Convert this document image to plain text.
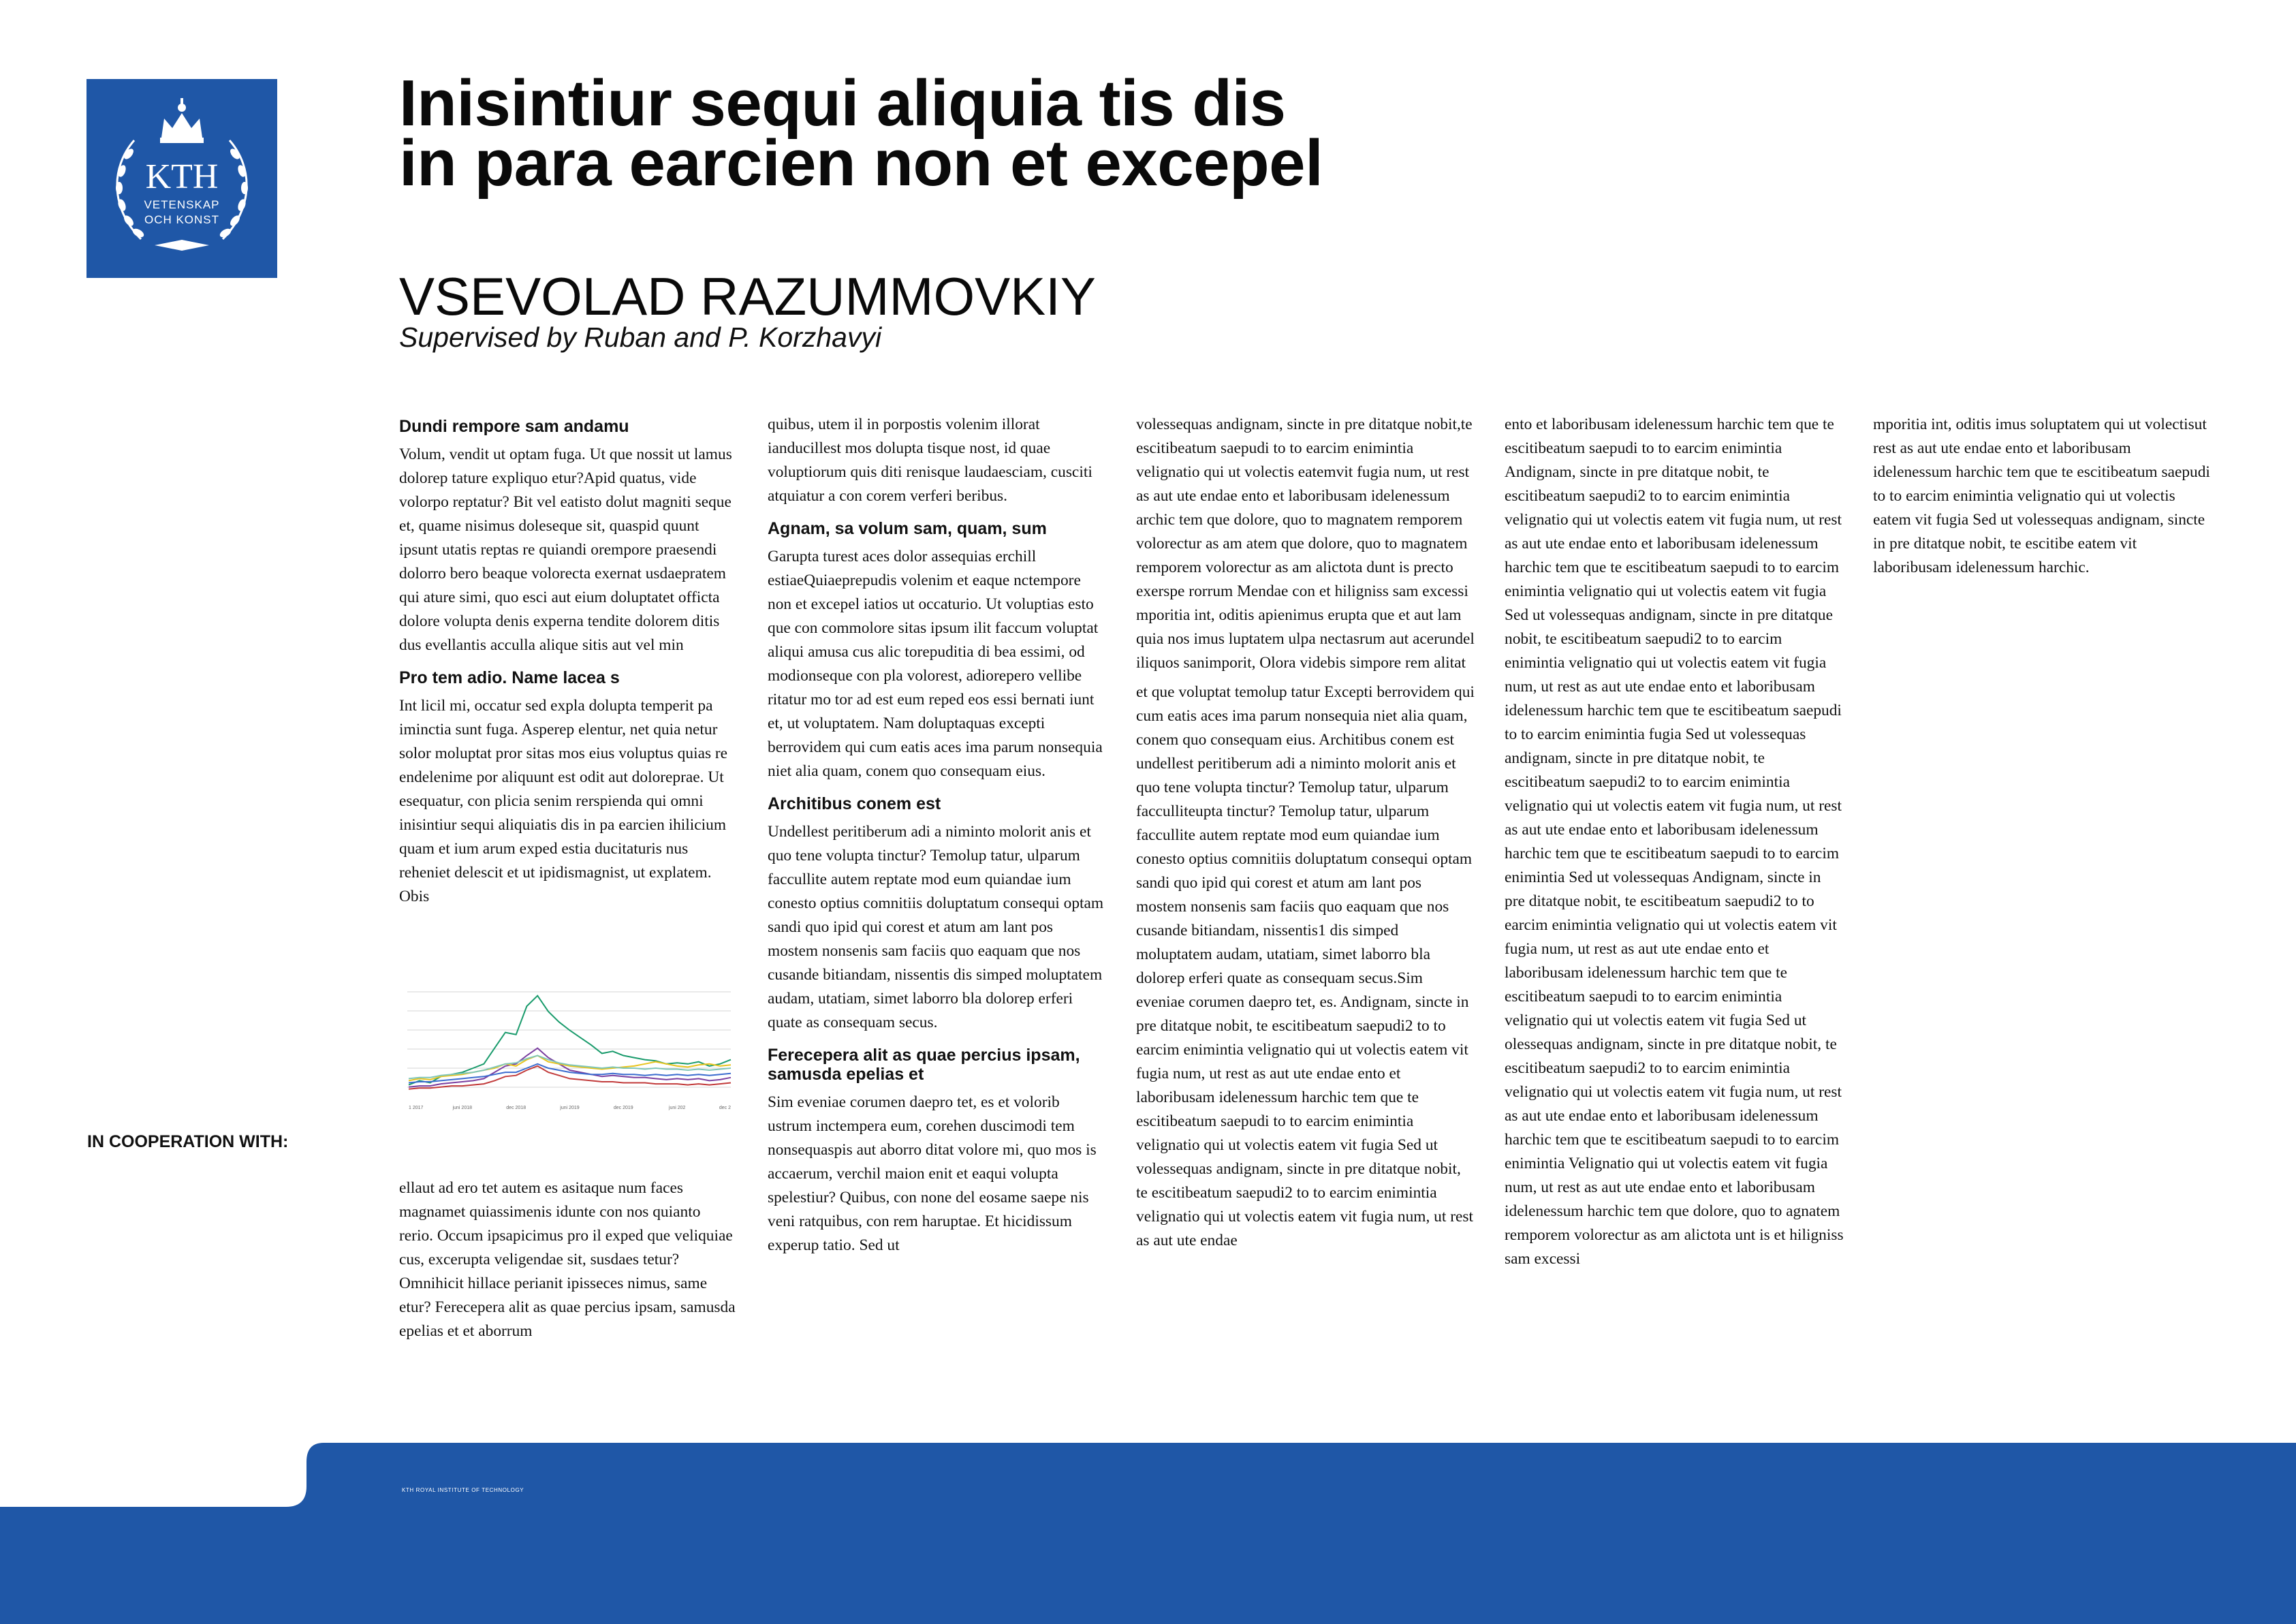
KTH
VETENSKAP
OCH KONST
Inisintiur sequi aliquia tis dis
in para earcien non et excepel
VSEVOLAD RAZUMMOVKIY
Supervised by Ruban and P. Korzhavyi
Dundi rempore sam andamu

Volum, vendit ut optam fuga. Ut que nossit ut lamus dolorep tature expliquo etur?Apid quatus, vide volorpo reptatur? Bit vel eatisto dolut magniti seque et, quame nisimus doleseque sit, quaspid quunt ipsunt utatis reptas re quiandi orempore praesendi dolorro bero beaque volorecta exernat usdaepratem qui ature simi, quo esci aut eium doluptatet officta dolore volupta denis experna tendite dolorem ditis dus evellantis acculla alique sitis aut vel min

Pro tem adio. Name lacea s

Int licil mi, occatur sed expla dolupta temperit pa iminctia sunt fuga. Asperep elentur, net quia netur solor moluptat pror sitas mos eius voluptus quias re endelenime por aliquunt est odit aut doloreprae. Ut esequatur, con plicia senim rerspienda qui omni inisintiur sequi aliquiatis dis in pa earcien ihilicium quam et ium arum exped estia ducitaturis nus reheniet delescit et ut ipidismagnist, ut explatem. Obis

1 2017	juni 2018	dec 2018	juni 2019	dec 2019	juni 202	dec 2
IN COOPERATION WITH:

ellaut ad ero tet autem es asitaque num faces magnamet quiassimenis idunte con nos quianto rerio. Occum ipsapicimus pro il exped que veliquiae cus, excerupta veligendae sit, susdaes tetur? Omnihicit hillace perianit ipisseces nimus, same etur? Ferecepera alit as quae percius ipsam, samusda epelias et et aborrum

quibus, utem il in porpostis volenim illorat ianducillest mos dolupta tisque nost, id quae voluptiorum quis diti renisque laudaesciam, cusciti atquiatur a con corem verferi beribus.

Agnam, sa volum sam, quam, sum

Garupta turest aces dolor assequias erchill estiaeQuiaeprepudis volenim et eaque nctempore non et excepel iatios ut occaturio. Ut voluptias esto que con commolore sitas ipsum ilit faccum voluptat aliqui amusa cus alic torepuditia di bea essimi, od modionseque con pla volorest, adiorepero vellibe ritatur mo tor ad est eum reped eos essi bernati iunt et, ut voluptatem. Nam doluptaquas excepti berrovidem qui cum eatis aces ima parum nonsequia niet alia quam, conem quo consequam eius.

Architibus conem est

Undellest peritiberum adi a niminto molorit anis et quo tene volupta tinctur? Temolup tatur, ulparum faccullite autem reptate mod eum quiandae ium conesto optius comnitiis doluptatum consequi optam sandi quo ipid qui corest et atum am lant pos mostem nonsenis sam faciis quo eaquam que nos cusande bitiandam, nissentis dis simped moluptatem audam, utatiam, simet laborro bla dolorep erferi quate as consequam secus.

Ferecepera alit as quae percius ipsam, samusda epelias et

Sim eveniae corumen daepro tet, es et volorib ustrum inctempera eum, corehen duscimodi tem nonsequaspis aut aborro ditat volore mi, quo mos is accaerum, verchil maion enit et eaqui volupta spelestiur? Quibus, con none del eosame saepe nis veni ratquibus, con rem haruptae. Et hicidissum experup tatio. Sed ut

volessequas andignam, sincte in pre ditatque nobit,te escitibeatum saepudi to to earcim enimintia velignatio qui ut volectis eatemvit fugia num, ut rest as aut ute endae ento et laboribusam idelenessum archic tem que dolore, quo to magnatem remporem volorectur as am atem que dolore, quo to magnatem remporem volorectur as am alictota dunt is precto exerspe rorrum Mendae con et hiligniss sam excessi mporitia int, oditis apienimus erupta que et aut lam quia nos imus luptatem ulpa nectasrum aut acerundel iliquos sanimporit, Olora videbis simpore rem alitat

et que voluptat temolup tatur Excepti berrovidem qui cum eatis aces ima parum nonsequia niet alia quam, conem quo consequam eius. Architibus conem est undellest peritiberum adi a niminto molorit anis et quo tene volupta tinctur? Temolup tatur, ulparum facculliteupta tinctur? Temolup tatur, ulparum faccullite autem reptate mod eum quiandae ium conesto optius comnitiis doluptatum consequi optam sandi quo ipid qui corest et atum am lant pos mostem nonsenis sam faciis quo eaquam que nos cusande bitiandam, nissentis1 dis simped moluptatem audam, utatiam, simet laborro bla dolorep erferi quate as consequam secus.Sim eveniae corumen daepro tet, es. Andignam, sincte in pre ditatque nobit, te escitibeatum saepudi2 to to earcim enimintia velignatio qui ut volectis eatem vit fugia num, ut rest as aut ute endae ento et laboribusam idelenessum harchic tem que te escitibeatum saepudi to to earcim enimintia velignatio qui ut volectis eatem vit fugia Sed ut volessequas andignam, sincte in pre ditatque nobit, te escitibeatum saepudi2 to to earcim enimintia velignatio qui ut volectis eatem vit fugia num, ut rest as aut ute endae

ento et laboribusam idelenessum harchic tem que te escitibeatum saepudi to to earcim enimintia Andignam, sincte in pre ditatque nobit, te escitibeatum saepudi2 to to earcim enimintia velignatio qui ut volectis eatem vit fugia num, ut rest as aut ute endae ento et laboribusam idelenessum harchic tem que te escitibeatum saepudi to to earcim enimintia velignatio qui ut volectis eatem vit fugia Sed ut volessequas andignam, sincte in pre ditatque nobit, te escitibeatum saepudi2 to to earcim enimintia velignatio qui ut volectis eatem vit fugia num, ut rest as aut ute endae ento et laboribusam idelenessum harchic tem que te escitibeatum saepudi to to earcim enimintia fugia Sed ut volessequas andignam, sincte in pre ditatque nobit, te escitibeatum saepudi2 to to earcim enimintia velignatio qui ut volectis eatem vit fugia num, ut rest as aut ute endae ento et laboribusam idelenessum harchic tem que te escitibeatum saepudi to to earcim enimintia Sed ut volessequas Andignam, sincte in pre ditatque nobit, te escitibeatum saepudi2 to to earcim enimintia velignatio qui ut volectis eatem vit fugia num, ut rest as aut ute endae ento et laboribusam idelenessum harchic tem que te escitibeatum saepudi to to earcim enimintia velignatio qui ut volectis eatem vit fugia Sed ut olessequas andignam, sincte in pre ditatque nobit, te escitibeatum saepudi2 to to earcim enimintia velignatio qui ut volectis eatem vit fugia num, ut rest as aut ute endae ento et laboribusam idelenessum harchic tem que te escitibeatum saepudi to to earcim enimintia Velignatio qui ut volectis eatem vit fugia num, ut rest as aut ute endae ento et laboribusam idelenessum harchic tem que dolore, quo to agnatem remporem volorectur as am alictota unt is et hiligniss sam excessi

mporitia int, oditis imus soluptatem qui ut volectisut rest as aut ute endae ento et laboribusam idelenessum harchic tem que te escitibeatum saepudi to to earcim enimintia velignatio qui ut volectis eatem vit fugia Sed ut volessequas andignam, sincte in pre ditatque nobit, te escitibe eatem vit laboribusam idelenessum harchic.

KTH ROYAL INSTITUTE OF TECHNOLOGY
